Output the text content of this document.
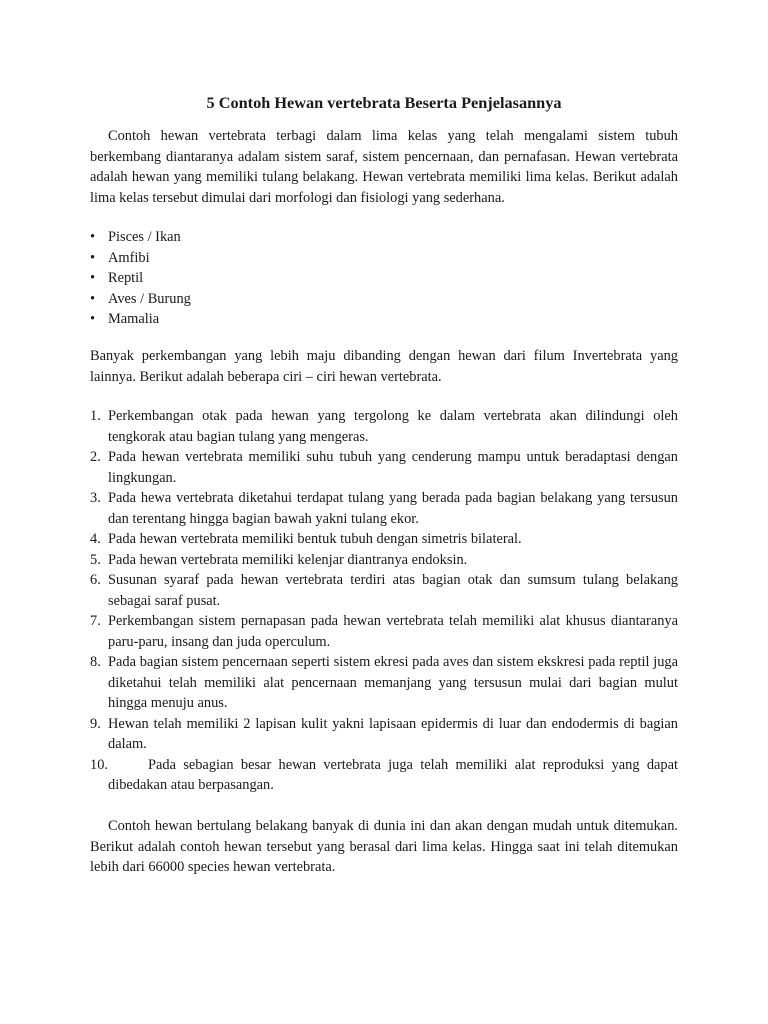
5 Contoh Hewan vertebrata Beserta Penjelasannya

Contoh hewan vertebrata terbagi dalam lima kelas yang telah mengalami sistem tubuh berkembang diantaranya adalam sistem saraf, sistem pencernaan, dan pernafasan. Hewan vertebrata adalah hewan yang memiliki tulang belakang. Hewan vertebrata memiliki lima kelas. Berikut adalah lima kelas tersebut dimulai dari morfologi dan fisiologi yang sederhana.

• Pisces / Ikan
• Amfibi
• Reptil
• Aves / Burung
• Mamalia

Banyak perkembangan yang lebih maju dibanding dengan hewan dari filum Invertebrata yang lainnya. Berikut adalah beberapa ciri – ciri hewan vertebrata.

1. Perkembangan otak pada hewan yang tergolong ke dalam vertebrata akan dilindungi oleh tengkorak atau bagian tulang yang mengeras.
2. Pada hewan vertebrata memiliki suhu tubuh yang cenderung mampu untuk beradaptasi dengan lingkungan.
3. Pada hewa vertebrata diketahui terdapat tulang yang berada pada bagian belakang yang tersusun dan terentang hingga bagian bawah yakni tulang ekor.
4. Pada hewan vertebrata memiliki bentuk tubuh dengan simetris bilateral.
5. Pada hewan vertebrata memiliki kelenjar diantranya endoksin.
6. Susunan syaraf pada hewan vertebrata terdiri atas bagian otak dan sumsum tulang belakang sebagai saraf pusat.
7. Perkembangan sistem pernapasan pada hewan vertebrata telah memiliki alat khusus diantaranya paru-paru, insang dan juda operculum.
8. Pada bagian sistem pencernaan seperti sistem ekresi pada aves dan sistem ekskresi pada reptil juga diketahui telah memiliki alat pencernaan memanjang yang tersusun mulai dari bagian mulut hingga menuju anus.
9. Hewan telah memiliki 2 lapisan kulit yakni lapisaan epidermis di luar dan endodermis di bagian dalam.
10.	Pada sebagian besar hewan vertebrata juga telah memiliki alat reproduksi yang dapat dibedakan atau berpasangan.

Contoh hewan bertulang belakang banyak di dunia ini dan akan dengan mudah untuk ditemukan. Berikut adalah contoh hewan tersebut yang berasal dari lima kelas. Hingga saat ini telah ditemukan lebih dari 66000 species hewan vertebrata.
